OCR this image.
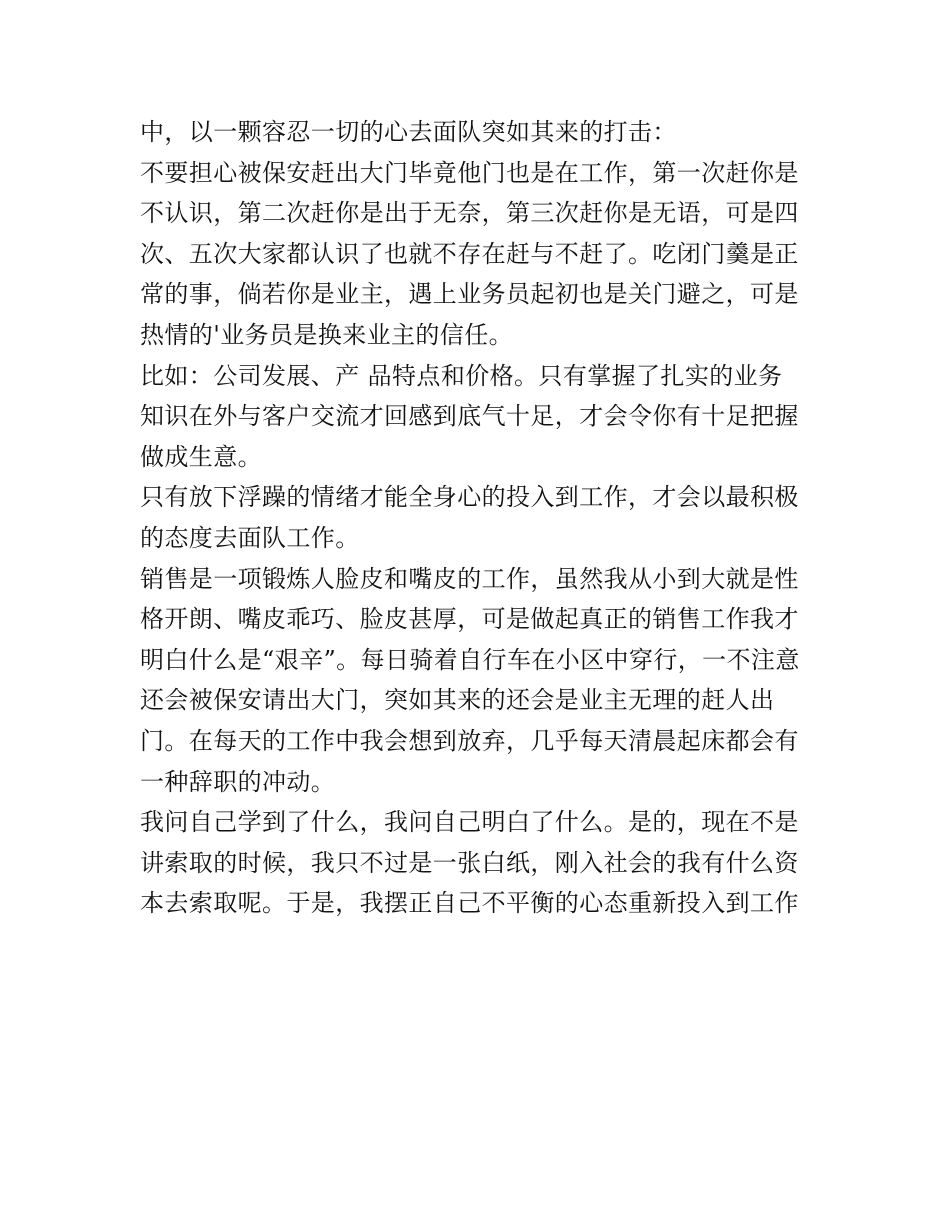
中，以一颗容忍一切的心去面队突如其来的打击：
不要担心被保安赶出大门毕竟他门也是在工作，第一次赶你是
不认识，第二次赶你是出于无奈，第三次赶你是无语，可是四
次、五次大家都认识了也就不存在赶与不赶了。吃闭门羹是正
常的事，倘若你是业主，遇上业务员起初也是关门避之，可是
热情的'业务员是换来业主的信任。
比如：公司发展、产 品特点和价格。只有掌握了扎实的业务
知识在外与客户交流才回感到底气十足，才会令你有十足把握
做成生意。
只有放下浮躁的情绪才能全身心的投入到工作，才会以最积极
的态度去面队工作。
销售是一项锻炼人脸皮和嘴皮的工作，虽然我从小到大就是性
格开朗、嘴皮乖巧、脸皮甚厚，可是做起真正的销售工作我才
明白什么是“艰辛”。每日骑着自行车在小区中穿行，一不注意
还会被保安请出大门，突如其来的还会是业主无理的赶人出
门。在每天的工作中我会想到放弃，几乎每天清晨起床都会有
一种辞职的冲动。
我问自己学到了什么，我问自己明白了什么。是的，现在不是
讲索取的时候，我只不过是一张白纸，刚入社会的我有什么资
本去索取呢。于是，我摆正自己不平衡的心态重新投入到工作
